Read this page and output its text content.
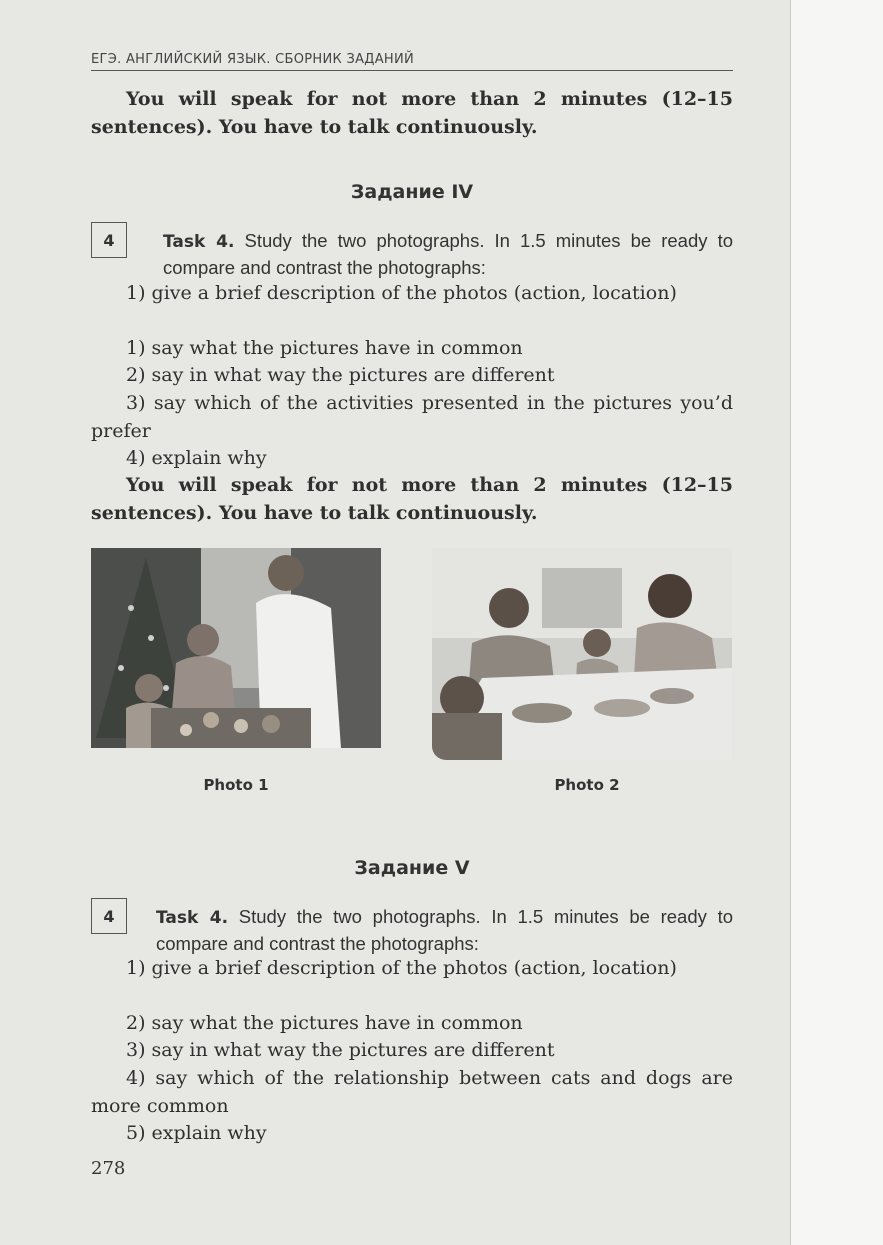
ЕГЭ. АНГЛИЙСКИЙ ЯЗЫК. СБОРНИК ЗАДАНИЙ
You will speak for not more than 2 minutes (12–15 sentences). You have to talk continuously.
Задание IV
4	Task 4. Study the two photographs. In 1.5 minutes be ready to compare and contrast the photographs:
1) give a brief description of the photos (action, location)
1) say what the pictures have in common
2) say in what way the pictures are different
3) say which of the activities presented in the pictures you’d prefer
4) explain why
You will speak for not more than 2 minutes (12–15 sentences). You have to talk continuously.
Photo 1	Photo 2
Задание V
4	Task 4. Study the two photographs. In 1.5 minutes be ready to compare and contrast the photographs:
1) give a brief description of the photos (action, location)
2) say what the pictures have in common
3) say in what way the pictures are different
4) say which of the relationship between cats and dogs are more common
5) explain why
278
